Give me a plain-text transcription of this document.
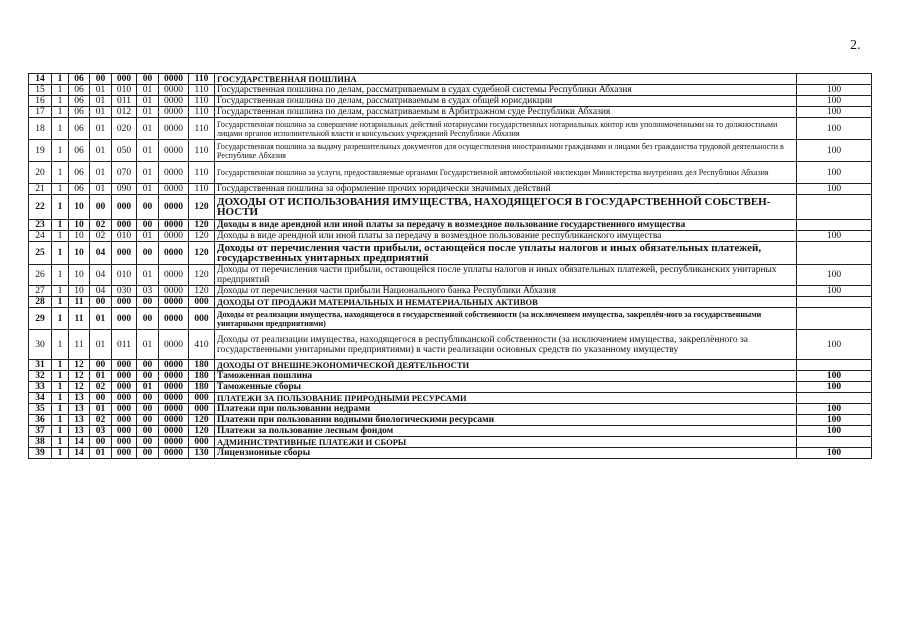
2.
14	1	06	00	000	00	0000	110	ГОСУДАРСТВЕННАЯ ПОШЛИНА	
15	1	06	01	010	01	0000	110	Государственная пошлина по делам, рассматриваемым в судах судебной системы Республики Абхазия	100
16	1	06	01	011	01	0000	110	Государственная пошлина по делам, рассматриваемым в судах общей юрисдикции	100
17	1	06	01	012	01	0000	110	Государственная пошлина по делам, рассматриваемым в Арбитражном суде Республики Абхазия	100
18	1	06	01	020	01	0000	110	Государственная пошлина за совершение нотариальных действий нотариусами государственных нотариальных контор или уполномоченными на то должностными лицами органов исполнительной власти и консульских учреждений Республики Абхазия	100
19	1	06	01	050	01	0000	110	Государственная пошлина за выдачу разрешительных документов для осуществления иностранными гражданами и лицами без гражданства трудовой деятельности в Республике Абхазия	100
20	1	06	01	070	01	0000	110	Государственная пошлина за услуги, предоставляемые органами Государственной автомобильной инспекции Министерства внутренних дел Республики Абхазия	100
21	1	06	01	090	01	0000	110	Государственная пошлина за оформление прочих юридически значимых действий	100
22	1	10	00	000	00	0000	120	ДОХОДЫ ОТ ИСПОЛЬЗОВАНИЯ ИМУЩЕСТВА, НАХОДЯЩЕГОСЯ В ГОСУДАРСТВЕННОЙ СОБСТВЕН-НОСТИ	
23	1	10	02	000	00	0000	120	Доходы в виде арендной или иной платы за передачу в возмездное пользование государственного имущества	
24	1	10	02	010	01	0000	120	Доходы в виде арендной или иной платы за передачу в возмездное пользование республиканского имущества	100
25	1	10	04	000	00	0000	120	Доходы от перечисления части прибыли, остающейся после уплаты налогов и иных обязательных платежей, государственных унитарных предприятий	
26	1	10	04	010	01	0000	120	Доходы от перечисления части прибыли, остающейся после уплаты налогов и иных обязательных платежей, республиканских унитарных предприятий	100
27	1	10	04	030	03	0000	120	Доходы от перечисления части прибыли Национального банка Республики Абхазия	100
28	1	11	00	000	00	0000	000	ДОХОДЫ ОТ ПРОДАЖИ МАТЕРИАЛЬНЫХ И НЕМАТЕРИАЛЬНЫХ АКТИВОВ	
29	1	11	01	000	00	0000	000	Доходы от реализации имущества, находящегося в государственной собственности (за исключением имущества, закреплён-ного за государственными унитарными предприятиями)	
30	1	11	01	011	01	0000	410	Доходы от реализации имущества, находящегося в республиканской собственности (за исключением имущества, закреплённого за государственными унитарными предприятиями) в части реализации основных средств по указанному имуществу	100
31	1	12	00	000	00	0000	180	ДОХОДЫ ОТ ВНЕШНЕЭКОНОМИЧЕСКОЙ ДЕЯТЕЛЬНОСТИ	
32	1	12	01	000	00	0000	180	Таможенная пошлина	100
33	1	12	02	000	01	0000	180	Таможенные сборы	100
34	1	13	00	000	00	0000	000	ПЛАТЕЖИ ЗА ПОЛЬЗОВАНИЕ ПРИРОДНЫМИ РЕСУРСАМИ	
35	1	13	01	000	00	0000	000	Платежи при пользовании недрами	100
36	1	13	02	000	00	0000	120	Платежи при пользовании водными биологическими ресурсами	100
37	1	13	03	000	00	0000	120	Платежи за пользование лесным фондом	100
38	1	14	00	000	00	0000	000	АДМИНИСТРАТИВНЫЕ ПЛАТЕЖИ И СБОРЫ	
39	1	14	01	000	00	0000	130	Лицензионные сборы	100
